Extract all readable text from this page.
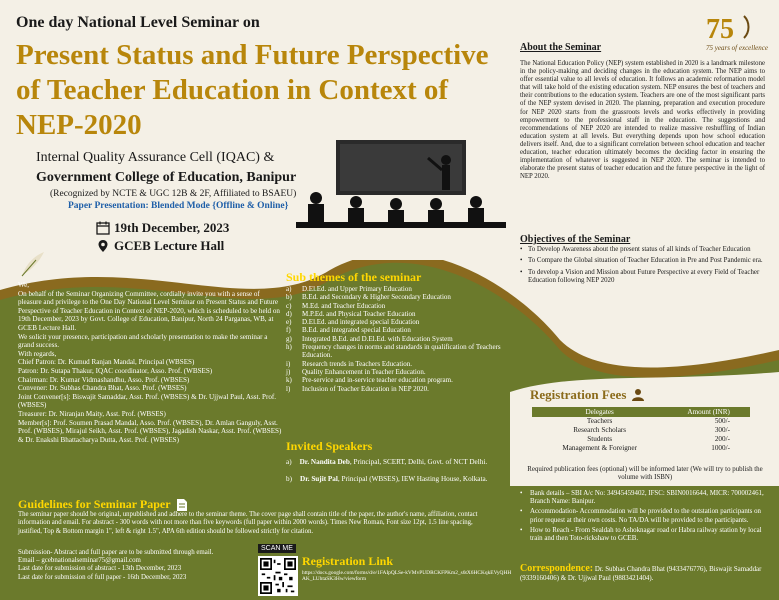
One day National Level Seminar on
Present Status and Future Perspective of Teacher Education in Context of NEP-2020
Internal Quality Assurance Cell (IQAC) &
Government College of Education, Banipur
(Recognized by NCTE & UGC 12B & 2F, Affiliated to BSAEU)
Paper Presentation: Blended Mode {Offline & Online}
19th December, 2023
GCEB Lecture Hall
75
75 years of excellence
About the Seminar
The National Education Policy (NEP) system established in 2020 is a landmark milestone in the policy-making and deciding changes in the education system. The NEP aims to offer essential value to all levels of education. It follows an academic reformation model that will take hold of the existing education system. NEP ensures the best of teachers and their contributions to the education system. Teachers are one of the most significant parts of the NEP system devised in 2020. The planning, preparation and execution procedure for NEP 2020 starts from the grassroots levels and works effectively in providing empowerment to the professional staff in the education. The suggestions and recommendations of NEP 2020 are intended to realize massive reshuffling of Indian education system at all levels. But everything depends upon how school education delivers itself. And, due to a significant correlation between school education and teacher education, teacher education ultimately becomes the deciding factor in ensuring the implementation of whatever is suggested in NEP 2020. The seminar is intended to elaborate the present status of teacher education and the future perspective in the light of NEP 2020.
Objectives of the Seminar
• To Develop Awareness about the present status of all kinds of Teacher Education
• To Compare the Global situation of Teacher Education in Pre and Post Pandemic era.
• To develop a Vision and Mission about Future Perspective at every Field of Teacher Education following NEP 2020

We,

On behalf of the Seminar Organizing Committee, cordially invite you with a sense of pleasure and privilege to the One Day National Level Seminar on Present Status and Future Perspective of Teacher Education in Context of NEP-2020, which is scheduled to be held on 19th December, 2023 by Govt. College of Education, Banipur, North 24 Parganas, WB, at GCEB Lecture Hall.

We solicit your presence, participation and scholarly presentation to make the seminar a grand success.

With regards,

Chief Patron: Dr. Kumud Ranjan Mandal, Principal (WBSES)

Patron: Dr. Sutapa Thakur, IQAC coordinator, Asso. Prof. (WBSES)

Chairman: Dr. Kumar Vidmashandhu, Asso. Prof. (WBSES)

Convener: Dr. Subhas Chandra Bhat, Asso. Prof. (WBSES)

Joint Convener[s]: Biswajit Samaddar, Asst. Prof. (WBSES) & Dr. Ujjwal Paul, Asst. Prof. (WBSES)

Treasurer: Dr. Niranjan Maity, Asst. Prof. (WBSES)

Member[s]: Prof. Soumen Prasad Mandal, Asso. Prof. (WBSES), Dr. Amlan Ganguly, Asst. Prof. (WBSES), Mirajul Seikh, Asst. Prof. (WBSES), Jagadish Naskar, Asst. Prof. (WBSES) & Dr. Enakshi Bhattacharya Dutta, Asst. Prof. (WBSES)

Sub themes of the seminar
a)	D.El.Ed. and Upper Primary Education
b)	B.Ed. and Secondary & Higher Secondary Education
c)	M.Ed. and Teacher Education
d)	M.P.Ed. and Physical Teacher Education
e)	D.El.Ed. and integrated special Education
f)	B.Ed. and integrated special Education
g)	Integrated B.Ed. and D.El.Ed. with Education System
h)	Frequency changes in norms and standards in qualification of Teachers Education.
i)	Research trends in Teachers Education.
j)	Quality Enhancement in Teacher Education.
k)	Pre-service and in-service teacher education program.
l)	Inclusion of Teacher Education in NEP 2020.
Invited Speakers
a) Dr. Nandita Deb, Principal, SCERT, Delhi, Govt. of NCT Delhi.
b) Dr. Sujit Pal, Principal (WBSES), IEW Hasting House, Kolkata.
Guidelines for Seminar Paper
The seminar paper should be original, unpublished and adhere to the seminar theme. The cover page shall contain title of the paper, the author's name, affiliation, contact information and email. For abstract - 300 words with not more than five keywords (full paper within 2000 words). Times New Roman, Font size 12pt, 1.5 line spacing, justified, Top & Bottom margin 1", left & right 1.5", APA 6th edition should be followed strictly for citation.
Submission- Abstract and full paper are to be submitted through email.
Email – gcebnationalseminar75@gmail.com
Last date for submission of abstract - 13th December, 2023
Last date for submission of full paper - 16th December, 2023
SCAN ME
Registration Link
https://docs.google.com/forms/d/e/1FAIpQLSe-kVMvPUDRCKFPKm2_s6tX6HCKqkEVyQHHAK_LUhtaSK3Hw/viewform
Registration Fees
Delegates	Amount (INR)
Teachers	500/-
Research Scholars	300/-
Students	200/-
Management & Foreigner	1000/-
Required publication fees (optional) will be informed later (We will try to publish the volume with ISBN)
• Bank details – SBI A/c No: 34945459402, IFSC: SBIN0016644, MICR: 700002461, Branch Name: Banipur.
• Accommodation- Accommodation will be provided to the outstation participants on prior request at their own costs. No TA/DA will be provided to the participants.
• How to Reach - From Sealdah to Ashoknagar road or Habra railway station by local train and then Toto-rickshaw to GCEB.
Correspondence: Dr. Subhas Chandra Bhat (9433476776), Biswajit Samaddar (9339160406) & Dr. Ujjwal Paul (9883421404).
